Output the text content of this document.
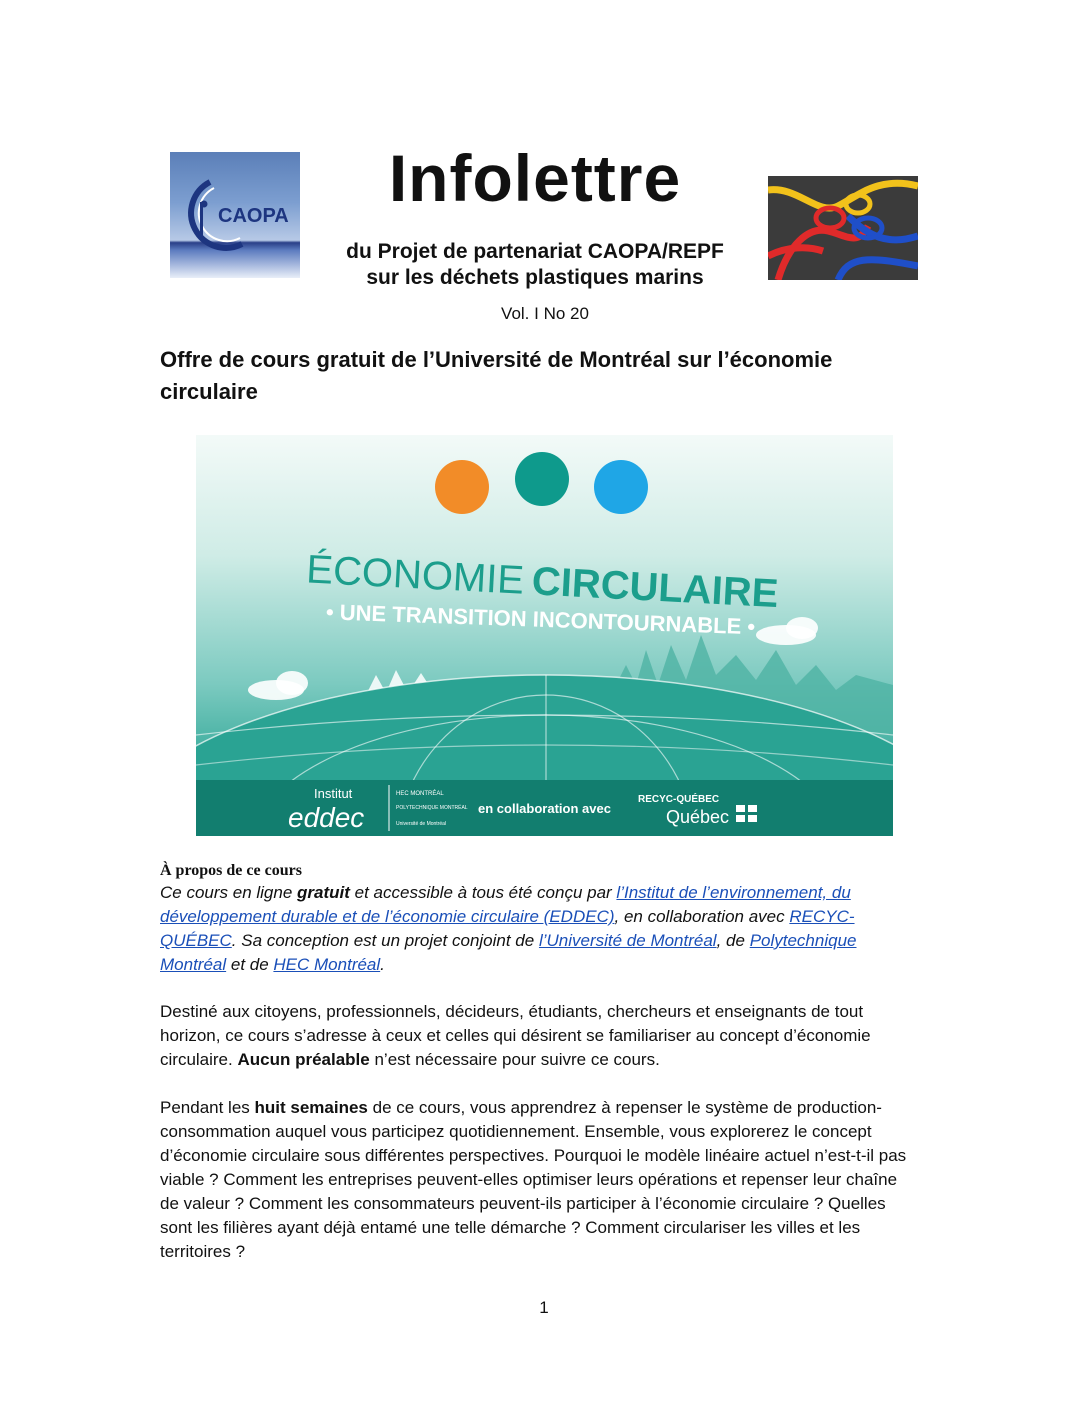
CAOPA
Infolettre
du Projet de partenariat CAOPA/REPF
sur les déchets plastiques marins
Vol. I No 20
Offre de cours gratuit de l’Université de Montréal sur l’économie circulaire
ÉCONOMIE CIRCULAIRE
• UNE TRANSITION INCONTOURNABLE •
Institut
eddec
HEC MONTRÉAL
POLYTECHNIQUE MONTRÉAL
Université de Montréal
en collaboration avec
RECYC-QUÉBEC
Québec
À propos de ce cours
Ce cours en ligne gratuit et accessible à tous été conçu par l’Institut de l’environnement, du développement durable et de l’économie circulaire (EDDEC), en collaboration avec RECYC-QUÉBEC. Sa conception est un projet conjoint de l’Université de Montréal, de Polytechnique Montréal et de HEC Montréal.
Destiné aux citoyens, professionnels, décideurs, étudiants, chercheurs et enseignants de tout horizon, ce cours s’adresse à ceux et celles qui désirent se familiariser au concept d’économie circulaire. Aucun préalable n’est nécessaire pour suivre ce cours.
Pendant les huit semaines de ce cours, vous apprendrez à repenser le système de production-consommation auquel vous participez quotidiennement. Ensemble, vous explorerez le concept d’économie circulaire sous différentes perspectives. Pourquoi le modèle linéaire actuel n’est-t-il pas viable ? Comment les entreprises peuvent-elles optimiser leurs opérations et repenser leur chaîne de valeur ? Comment les consommateurs peuvent-ils participer à l’économie circulaire ? Quelles sont les filières ayant déjà entamé une telle démarche ? Comment circulariser les villes et les territoires ?
1
